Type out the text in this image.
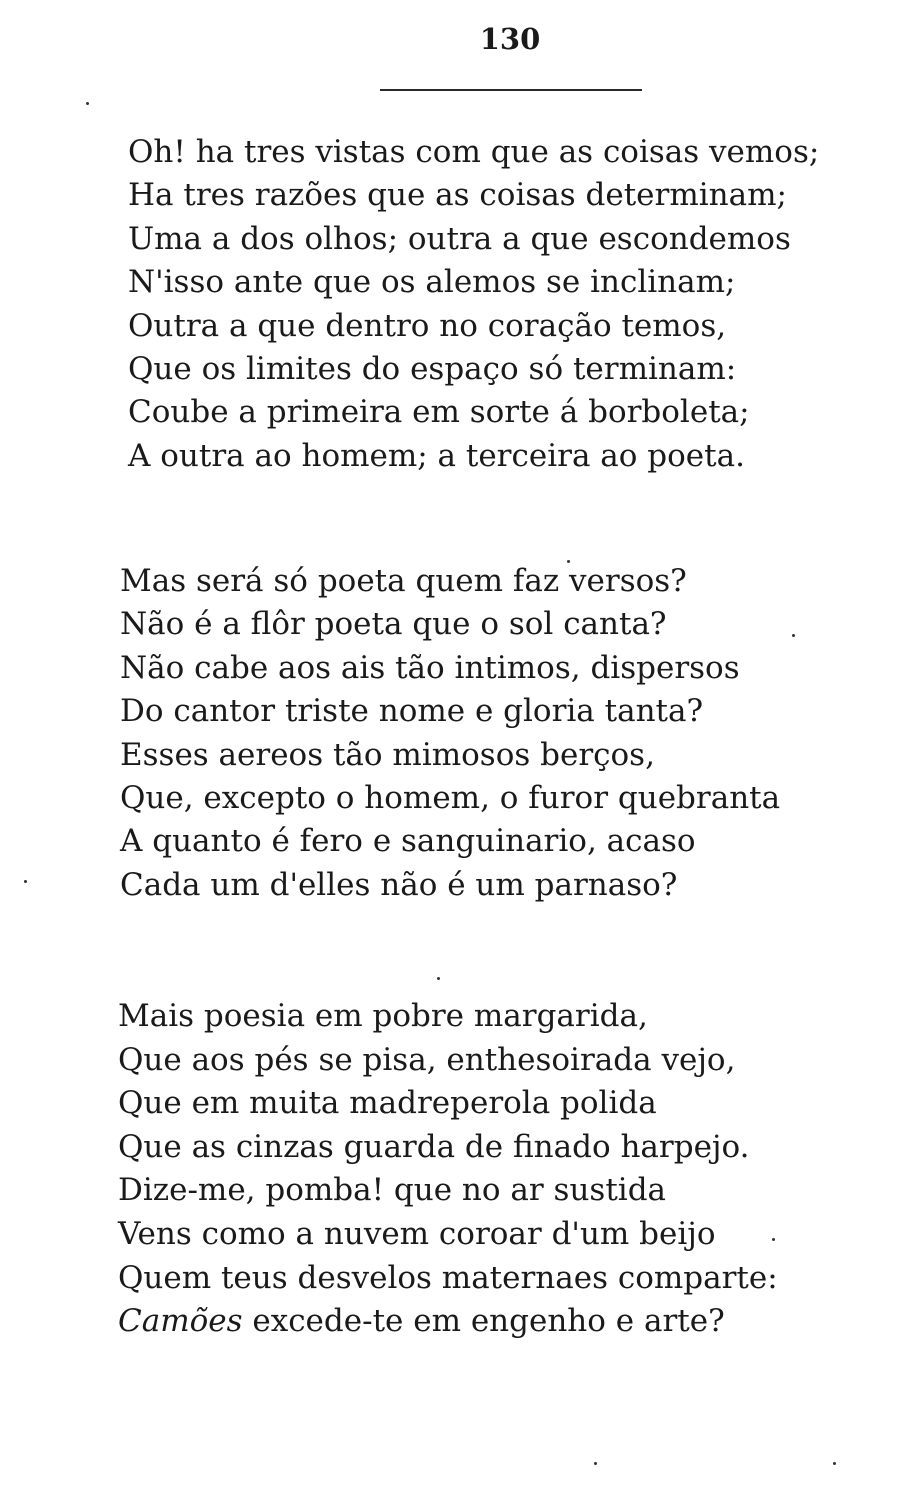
130
Oh! ha tres vistas com que as coisas vemos;
Ha tres razões que as coisas determinam;
Uma a dos olhos; outra a que escondemos
N'isso ante que os alemos se inclinam;
Outra a que dentro no coração temos,
Que os limites do espaço só terminam:
Coube a primeira em sorte á borboleta;
A outra ao homem; a terceira ao poeta.
Mas será só poeta quem faz versos?
Não é a flôr poeta que o sol canta?
Não cabe aos ais tão intimos, dispersos
Do cantor triste nome e gloria tanta?
Esses aereos tão mimosos berços,
Que, excepto o homem, o furor quebranta
A quanto é fero e sanguinario, acaso
Cada um d'elles não é um parnaso?
Mais poesia em pobre margarida,
Que aos pés se pisa, enthesoirada vejo,
Que em muita madreperola polida
Que as cinzas guarda de finado harpejo.
Dize-me, pomba! que no ar sustida
Vens como a nuvem coroar d'um beijo
Quem teus desvelos maternaes comparte:
Camões excede-te em engenho e arte?
